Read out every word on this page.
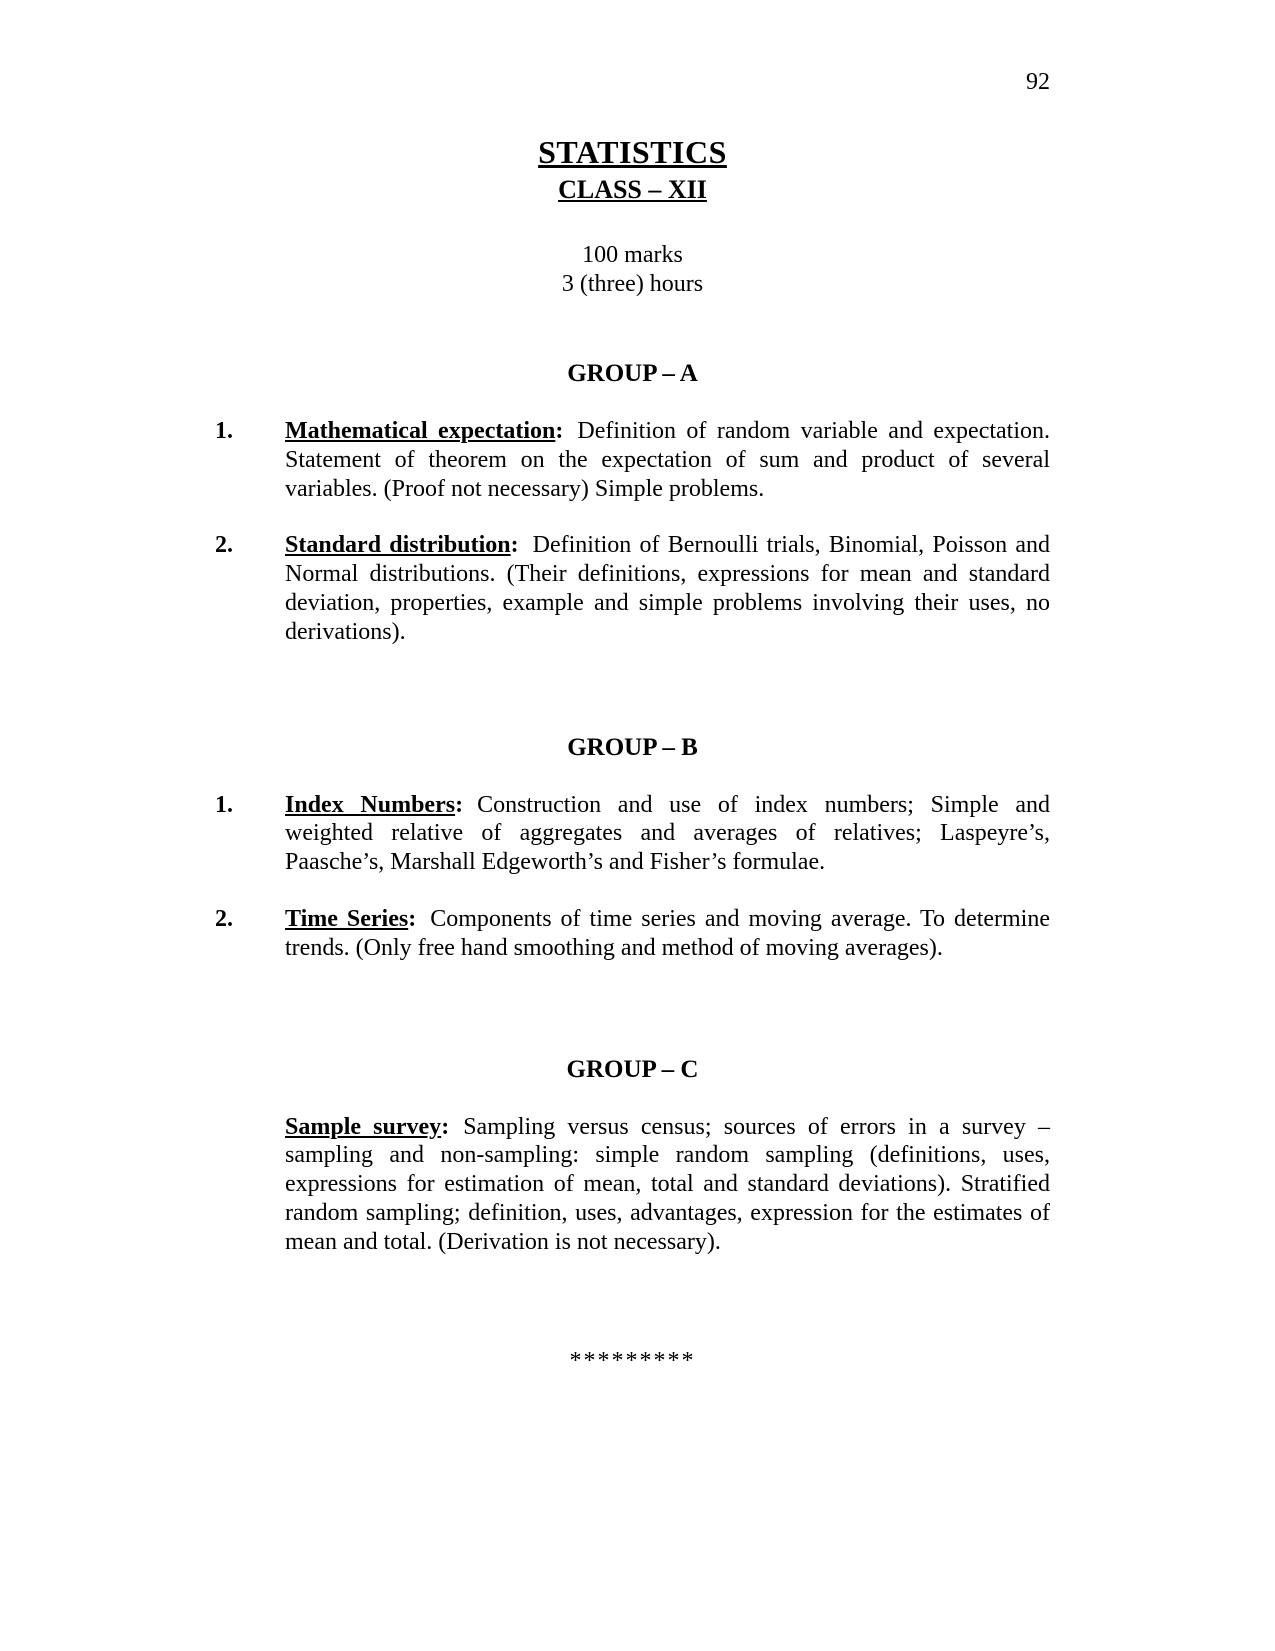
92
STATISTICS
CLASS – XII
100 marks
3 (three) hours
GROUP – A
1.	Mathematical expectation: Definition of random variable and expectation. Statement of theorem on the expectation of sum and product of several variables. (Proof not necessary) Simple problems.
2.	Standard distribution: Definition of Bernoulli trials, Binomial, Poisson and Normal distributions. (Their definitions, expressions for mean and standard deviation, properties, example and simple problems involving their uses, no derivations).
GROUP – B
1.	Index Numbers: Construction and use of index numbers; Simple and weighted relative of aggregates and averages of relatives; Laspeyre’s, Paasche’s, Marshall Edgeworth’s and Fisher’s formulae.
2.	Time Series: Components of time series and moving average. To determine trends. (Only free hand smoothing and method of moving averages).
GROUP – C
Sample survey: Sampling versus census; sources of errors in a survey – sampling and non-sampling: simple random sampling (definitions, uses, expressions for estimation of mean, total and standard deviations). Stratified random sampling; definition, uses, advantages, expression for the estimates of mean and total. (Derivation is not necessary).
*********
